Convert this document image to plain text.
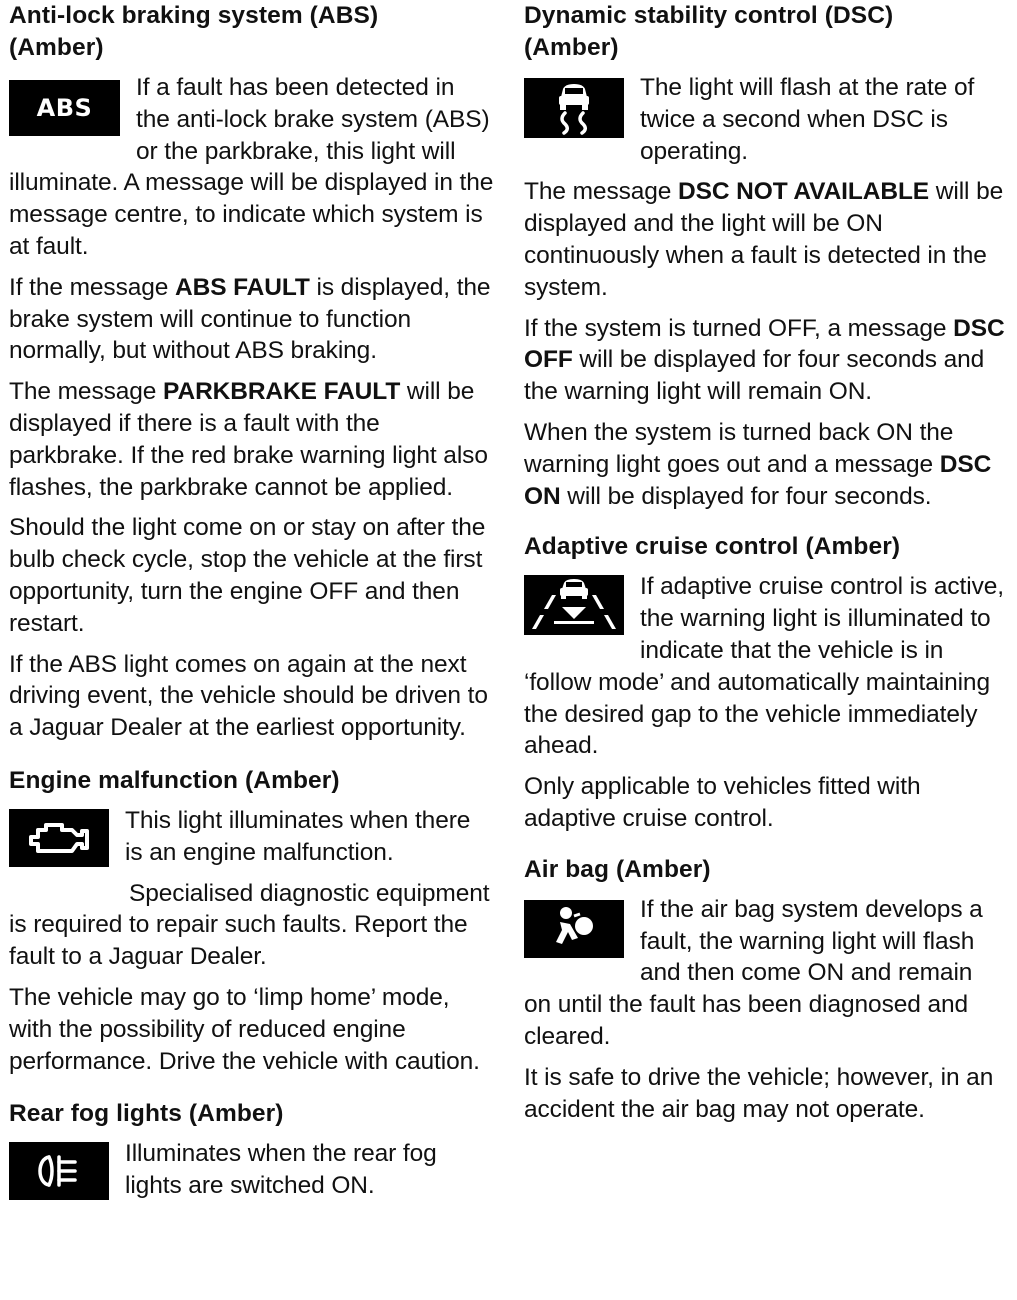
Anti-lock braking system (ABS)
(Amber)
ABS

If a fault has been detected in the anti-lock brake system (ABS) or the parkbrake, this light will illuminate. A message will be displayed in the message centre, to indicate which system is at fault.

If the message ABS FAULT is displayed, the brake system will continue to function normally, but without ABS braking.

The message PARKBRAKE FAULT will be displayed if there is a fault with the parkbrake. If the red brake warning light also flashes, the parkbrake cannot be applied.

Should the light come on or stay on after the bulb check cycle, stop the vehicle at the first opportunity, turn the engine OFF and then restart.

If the ABS light comes on again at the next driving event, the vehicle should be driven to a Jaguar Dealer at the earliest opportunity.

Engine malfunction (Amber)

This light illuminates when there is an engine malfunction.

Specialised diagnostic equipment is required to repair such faults. Report the fault to a Jaguar Dealer.

The vehicle may go to ‘limp home’ mode, with the possibility of reduced engine performance. Drive the vehicle with caution.

Rear fog lights (Amber)

Illuminates when the rear fog lights are switched ON.

Dynamic stability control (DSC)
(Amber)

The light will flash at the rate of twice a second when DSC is operating.

The message DSC NOT AVAILABLE will be displayed and the light will be ON continuously when a fault is detected in the system.

If the system is turned OFF, a message DSC OFF will be displayed for four seconds and the warning light will remain ON.

When the system is turned back ON the warning light goes out and a message DSC ON will be displayed for four seconds.

Adaptive cruise control (Amber)

If adaptive cruise control is active, the warning light is illuminated to indicate that the vehicle is in ‘follow mode’ and automatically maintaining the desired gap to the vehicle immediately ahead.

Only applicable to vehicles fitted with adaptive cruise control.

Air bag (Amber)

If the air bag system develops a fault, the warning light will flash and then come ON and remain on until the fault has been diagnosed and cleared.

It is safe to drive the vehicle; however, in an accident the air bag may not operate.
